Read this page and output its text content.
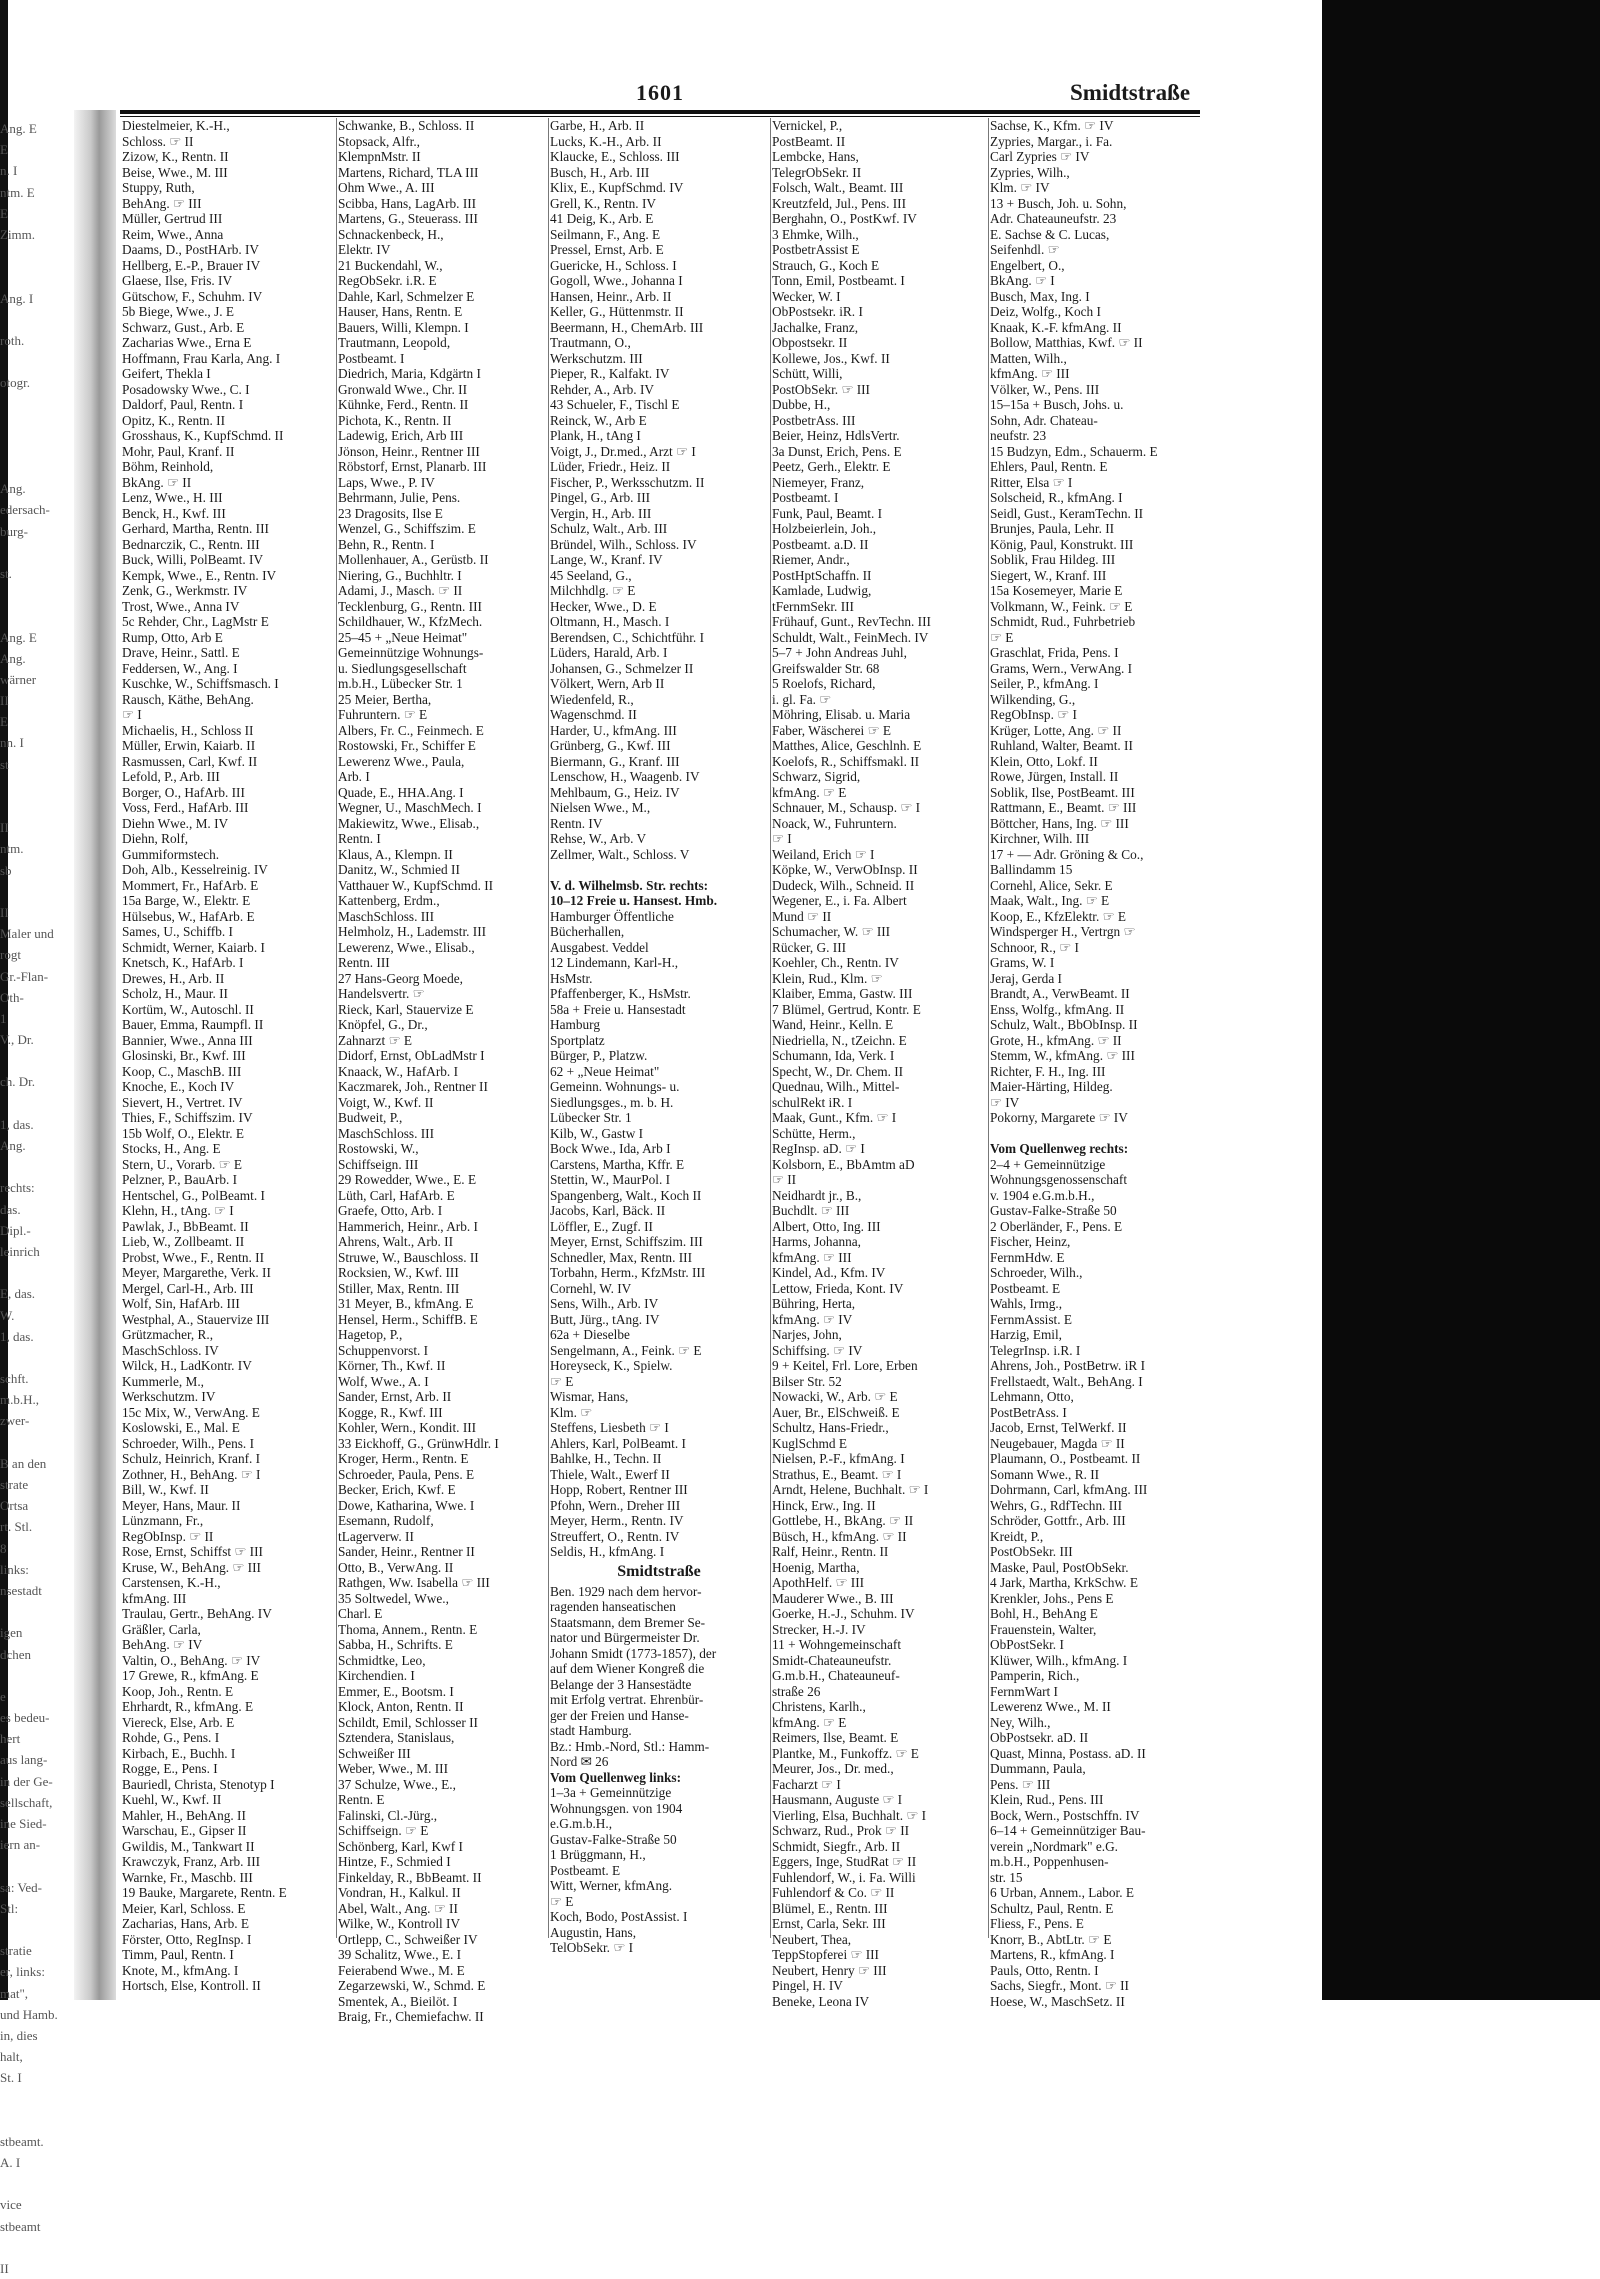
Ang. E
E
n. I
ntm. E
E
Zimm.
Ang. I
roth.
otogr.
Ang.
edersach-
burg-
st.
Ang. E
Ang.
wärner
II
E
nn. I
st
II
ntm.
sb
II
Maler und
rogt
Gr.-Flan-
Oth-
1
V., Dr.
ch. Dr.
1, das.
Ang.
rechts:
das.
Dipl.-
leinrich
E, das.
W.
1, das.
schft.
m.b.H.,
zwer-
B an den
strate
Ortsa
rt. Stl.
8
links:
nsestadt
igen
dchen
e
es bedeu-
hert
aus lang-
in der Ge-
sellschaft,
ine Sied-
iern an-
sa: Ved-
Stl:
stratie
er, links:
mat",
und Hamb.
in, dies
halt,
St. I
stbeamt.
A. I
vice
stbeamt
II
1601	Smidtstraße
Diestelmeier, K.-H.,
Schloss. ☞ II
Zizow, K., Rentn. II
Beise, Wwe., M. III
Stuppy, Ruth,
BehAng. ☞ III
Müller, Gertrud III
Reim, Wwe., Anna
Daams, D., PostHArb. IV
Hellberg, E.-P., Brauer IV
Glaese, Ilse, Fris. IV
Gütschow, F., Schuhm. IV
5b Biege, Wwe., J. E
Schwarz, Gust., Arb. E
Zacharias Wwe., Erna E
Hoffmann, Frau Karla, Ang. I
Geifert, Thekla I
Posadowsky Wwe., C. I
Daldorf, Paul, Rentn. I
Opitz, K., Rentn. II
Grosshaus, K., KupfSchmd. II
Mohr, Paul, Kranf. II
Böhm, Reinhold,
BkAng. ☞ II
Lenz, Wwe., H. III
Benck, H., Kwf. III
Gerhard, Martha, Rentn. III
Bednarczik, C., Rentn. III
Buck, Willi, PolBeamt. IV
Kempk, Wwe., E., Rentn. IV
Zenk, G., Werkmstr. IV
Trost, Wwe., Anna IV
5c Rehder, Chr., LagMstr E
Rump, Otto, Arb E
Drave, Heinr., Sattl. E
Feddersen, W., Ang. I
Kuschke, W., Schiffsmasch. I
Rausch, Käthe, BehAng.
☞ I
Michaelis, H., Schloss II
Müller, Erwin, Kaiarb. II
Rasmussen, Carl, Kwf. II
Lefold, P., Arb. III
Borger, O., HafArb. III
Voss, Ferd., HafArb. III
Diehn Wwe., M. IV
Diehn, Rolf,
Gummiformstech.
Doh, Alb., Kesselreinig. IV
Mommert, Fr., HafArb. E
15a Barge, W., Elektr. E
Hülsebus, W., HafArb. E
Sames, U., Schiffb. I
Schmidt, Werner, Kaiarb. I
Knetsch, K., HafArb. I
Drewes, H., Arb. II
Scholz, H., Maur. II
Kortüm, W., Autoschl. II
Bauer, Emma, Raumpfl. II
Bannier, Wwe., Anna III
Glosinski, Br., Kwf. III
Koop, C., MaschB. III
Knoche, E., Koch IV
Sievert, H., Vertret. IV
Thies, F., Schiffszim. IV
15b Wolf, O., Elektr. E
Stocks, H., Ang. E
Stern, U., Vorarb. ☞ E
Pelzner, P., BauArb. I
Hentschel, G., PolBeamt. I
Klehn, H., tAng. ☞ I
Pawlak, J., BbBeamt. II
Lieb, W., Zollbeamt. II
Probst, Wwe., F., Rentn. II
Meyer, Margarethe, Verk. II
Mergel, Carl-H., Arb. III
Wolf, Sin, HafArb. III
Westphal, A., Stauervize III
Grützmacher, R.,
MaschSchloss. IV
Wilck, H., LadKontr. IV
Kummerle, M.,
Werkschutzm. IV
15c Mix, W., VerwAng. E
Koslowski, E., Mal. E
Schroeder, Wilh., Pens. I
Schulz, Heinrich, Kranf. I
Zothner, H., BehAng. ☞ I
Bill, W., Kwf. II
Meyer, Hans, Maur. II
Lünzmann, Fr.,
RegObInsp. ☞ II
Rose, Ernst, Schiffst ☞ III
Kruse, W., BehAng. ☞ III
Carstensen, K.-H.,
kfmAng. III
Traulau, Gertr., BehAng. IV
Gräßler, Carla,
BehAng. ☞ IV
Valtin, O., BehAng. ☞ IV
17 Grewe, R., kfmAng. E
Koop, Joh., Rentn. E
Ehrhardt, R., kfmAng. E
Viereck, Else, Arb. E
Rohde, G., Pens. I
Kirbach, E., Buchh. I
Rogge, E., Pens. I
Bauriedl, Christa, Stenotyp I
Kuehl, W., Kwf. II
Mahler, H., BehAng. II
Warschau, E., Gipser II
Gwildis, M., Tankwart II
Krawczyk, Franz, Arb. III
Warnke, Fr., Maschb. III
19 Bauke, Margarete, Rentn. E
Meier, Karl, Schloss. E
Zacharias, Hans, Arb. E
Förster, Otto, RegInsp. I
Timm, Paul, Rentn. I
Knote, M., kfmAng. I
Hortsch, Else, Kontroll. II
Schwanke, B., Schloss. II
Stopsack, Alfr.,
KlempnMstr. II
Martens, Richard, TLA III
Ohm Wwe., A. III
Scibba, Hans, LagArb. III
Martens, G., Steuerass. III
Schnackenbeck, H.,
Elektr. IV
21 Buckendahl, W.,
RegObSekr. i.R. E
Dahle, Karl, Schmelzer E
Hauser, Hans, Rentn. E
Bauers, Willi, Klempn. I
Trautmann, Leopold,
Postbeamt. I
Diedrich, Maria, Kdgärtn I
Gronwald Wwe., Chr. II
Kühnke, Ferd., Rentn. II
Pichota, K., Rentn. II
Ladewig, Erich, Arb III
Jönson, Heinr., Rentner III
Röbstorf, Ernst, Planarb. III
Laps, Wwe., P. IV
Behrmann, Julie, Pens.
23 Dragosits, Ilse E
Wenzel, G., Schiffszim. E
Behn, R., Rentn. I
Mollenhauer, A., Gerüstb. II
Niering, G., Buchhltr. I
Adami, J., Masch. ☞ II
Tecklenburg, G., Rentn. III
Schildhauer, W., KfzMech.
25–45 + „Neue Heimat"
Gemeinnützige Wohnungs-
u. Siedlungsgesellschaft
m.b.H., Lübecker Str. 1
25 Meier, Bertha,
Fuhruntern. ☞ E
Albers, Fr. C., Feinmech. E
Rostowski, Fr., Schiffer E
Lewerenz Wwe., Paula,
Arb. I
Quade, E., HHA.Ang. I
Wegner, U., MaschMech. I
Makiewitz, Wwe., Elisab.,
Rentn. I
Klaus, A., Klempn. II
Danitz, W., Schmied II
Vatthauer W., KupfSchmd. II
Kattenberg, Erdm.,
MaschSchloss. III
Helmholz, H., Lademstr. III
Lewerenz, Wwe., Elisab.,
Rentn. III
27 Hans-Georg Moede,
Handelsvertr. ☞
Rieck, Karl, Stauervize E
Knöpfel, G., Dr.,
Zahnarzt ☞ E
Didorf, Ernst, ObLadMstr I
Knaack, W., HafArb. I
Kaczmarek, Joh., Rentner II
Voigt, W., Kwf. II
Budweit, P.,
MaschSchloss. III
Rostowski, W.,
Schiffseign. III
29 Rowedder, Wwe., E. E
Lüth, Carl, HafArb. E
Graefe, Otto, Arb. I
Hammerich, Heinr., Arb. I
Ahrens, Walt., Arb. II
Struwe, W., Bauschloss. II
Rocksien, W., Kwf. III
Stiller, Max, Rentn. III
31 Meyer, B., kfmAng. E
Hensel, Herm., SchiffB. E
Hagetop, P.,
Schuppenvorst. I
Körner, Th., Kwf. II
Wolf, Wwe., A. I
Sander, Ernst, Arb. II
Kogge, R., Kwf. III
Kohler, Wern., Kondit. III
33 Eickhoff, G., GrünwHdlr. I
Kroger, Herm., Rentn. E
Schroeder, Paula, Pens. E
Becker, Erich, Kwf. E
Dowe, Katharina, Wwe. I
Esemann, Rudolf,
tLagerverw. II
Sander, Heinr., Rentner II
Otto, B., VerwAng. II
Rathgen, Ww. Isabella ☞ III
35 Soltwedel, Wwe.,
Charl. E
Thoma, Annem., Rentn. E
Sabba, H., Schrifts. E
Schmidtke, Leo,
Kirchendien. I
Emmer, E., Bootsm. I
Klock, Anton, Rentn. II
Schildt, Emil, Schlosser II
Sztendera, Stanislaus,
Schweißer III
Weber, Wwe., M. III
37 Schulze, Wwe., E.,
Rentn. E
Falinski, Cl.-Jürg.,
Schiffseign. ☞ E
Schönberg, Karl, Kwf I
Hintze, F., Schmied I
Finkelday, R., BbBeamt. II
Vondran, H., Kalkul. II
Abel, Walt., Ang. ☞ II
Wilke, W., Kontroll IV
Ortlepp, C., Schweißer IV
39 Schalitz, Wwe., E. I
Feierabend Wwe., M. E
Zegarzewski, W., Schmd. E
Smentek, A., Bieilöt. I
Braig, Fr., Chemiefachw. II
Garbe, H., Arb. II
Lucks, K.-H., Arb. II
Klaucke, E., Schloss. III
Busch, H., Arb. III
Klix, E., KupfSchmd. IV
Grell, K., Rentn. IV
41 Deig, K., Arb. E
Seilmann, F., Ang. E
Pressel, Ernst, Arb. E
Guericke, H., Schloss. I
Gogoll, Wwe., Johanna I
Hansen, Heinr., Arb. II
Keller, G., Hüttenmstr. II
Beermann, H., ChemArb. III
Trautmann, O.,
Werkschutzm. III
Pieper, R., Kalfakt. IV
Rehder, A., Arb. IV
43 Schueler, F., Tischl E
Reinck, W., Arb E
Plank, H., tAng I
Voigt, J., Dr.med., Arzt ☞ I
Lüder, Friedr., Heiz. II
Fischer, P., Werksschutzm. II
Pingel, G., Arb. III
Vergin, H., Arb. III
Schulz, Walt., Arb. III
Bründel, Wilh., Schloss. IV
Lange, W., Kranf. IV
45 Seeland, G.,
Milchhdlg. ☞ E
Hecker, Wwe., D. E
Oltmann, H., Masch. I
Berendsen, C., Schichtführ. I
Lüders, Harald, Arb. I
Johansen, G., Schmelzer II
Völkert, Wern, Arb II
Wiedenfeld, R.,
Wagenschmd. II
Harder, U., kfmAng. III
Grünberg, G., Kwf. III
Biermann, G., Kranf. III
Lenschow, H., Waagenb. IV
Mehlbaum, G., Heiz. IV
Nielsen Wwe., M.,
Rentn. IV
Rehse, W., Arb. V
Zellmer, Walt., Schloss. V
V. d. Wilhelmsb. Str. rechts:
10–12 Freie u. Hansest. Hmb.
Hamburger Öffentliche
Bücherhallen,
Ausgabest. Veddel
12 Lindemann, Karl-H.,
HsMstr.
Pfaffenberger, K., HsMstr.
58a + Freie u. Hansestadt
Hamburg
Sportplatz
Bürger, P., Platzw.
62 + „Neue Heimat"
Gemeinn. Wohnungs- u.
Siedlungsges., m. b. H.
Lübecker Str. 1
Kilb, W., Gastw I
Bock Wwe., Ida, Arb I
Carstens, Martha, Kffr. E
Stettin, W., MaurPol. I
Spangenberg, Walt., Koch II
Jacobs, Karl, Bäck. II
Löffler, E., Zugf. II
Meyer, Ernst, Schiffszim. III
Schnedler, Max, Rentn. III
Torbahn, Herm., KfzMstr. III
Cornehl, W. IV
Sens, Wilh., Arb. IV
Butt, Jürg., tAng. IV
62a + Dieselbe
Sengelmann, A., Feink. ☞ E
Horeyseck, K., Spielw.
☞ E
Wismar, Hans,
Klm. ☞
Steffens, Liesbeth ☞ I
Ahlers, Karl, PolBeamt. I
Bahlke, H., Techn. II
Thiele, Walt., Ewerf II
Hopp, Robert, Rentner III
Pfohn, Wern., Dreher III
Meyer, Herm., Rentn. IV
Streuffert, O., Rentn. IV
Seldis, H., kfmAng. I
Smidtstraße
Ben. 1929 nach dem hervor-
ragenden hanseatischen
Staatsmann, dem Bremer Se-
nator und Bürgermeister Dr.
Johann Smidt (1773-1857), der
auf dem Wiener Kongreß die
Belange der 3 Hansestädte
mit Erfolg vertrat. Ehrenbür-
ger der Freien und Hanse-
stadt Hamburg.
Bz.: Hmb.-Nord, Stl.: Hamm-
Nord ✉ 26
Vom Quellenweg links:
1–3a + Gemeinnützige
Wohnungsgen. von 1904
e.G.m.b.H.,
Gustav-Falke-Straße 50
1 Brüggmann, H.,
Postbeamt. E
Witt, Werner, kfmAng.
☞ E
Koch, Bodo, PostAssist. I
Augustin, Hans,
TelObSekr. ☞ I
Vernickel, P.,
PostBeamt. II
Lembcke, Hans,
TelegrObSekr. II
Folsch, Walt., Beamt. III
Kreutzfeld, Jul., Pens. III
Berghahn, O., PostKwf. IV
3 Ehmke, Wilh.,
PostbetrAssist E
Strauch, G., Koch E
Tonn, Emil, Postbeamt. I
Wecker, W. I
ObPostsekr. iR. I
Jachalke, Franz,
Obpostsekr. II
Kollewe, Jos., Kwf. II
Schütt, Willi,
PostObSekr. ☞ III
Dubbe, H.,
PostbetrAss. III
Beier, Heinz, HdlsVertr.
3a Dunst, Erich, Pens. E
Peetz, Gerh., Elektr. E
Niemeyer, Franz,
Postbeamt. I
Funk, Paul, Beamt. I
Holzbeierlein, Joh.,
Postbeamt. a.D. II
Riemer, Andr.,
PostHptSchaffn. II
Kamlade, Ludwig,
tFernmSekr. III
Frühauf, Gunt., RevTechn. III
Schuldt, Walt., FeinMech. IV
5–7 + John Andreas Juhl,
Greifswalder Str. 68
5 Roelofs, Richard,
i. gl. Fa. ☞
Möhring, Elisab. u. Maria
Faber, Wäscherei ☞ E
Matthes, Alice, Geschlnh. E
Koelofs, R., Schiffsmakl. II
Schwarz, Sigrid,
kfmAng. ☞ E
Schnauer, M., Schausp. ☞ I
Noack, W., Fuhruntern.
☞ I
Weiland, Erich ☞ I
Köpke, W., VerwObInsp. II
Dudeck, Wilh., Schneid. II
Wegener, E., i. Fa. Albert
Mund ☞ II
Schumacher, W. ☞ III
Rücker, G. III
Koehler, Ch., Rentn. IV
Klein, Rud., Klm. ☞
Klaiber, Emma, Gastw. III
7 Blümel, Gertrud, Kontr. E
Wand, Heinr., Kelln. E
Niedriella, N., tZeichn. E
Schumann, Ida, Verk. I
Specht, W., Dr. Chem. II
Quednau, Wilh., Mittel-
schulRekt iR. I
Maak, Gunt., Kfm. ☞ I
Schütte, Herm.,
RegInsp. aD. ☞ I
Kolsborn, E., BbAmtm aD
☞ II
Neidhardt jr., B.,
Buchdlt. ☞ III
Albert, Otto, Ing. III
Harms, Johanna,
kfmAng. ☞ III
Kindel, Ad., Kfm. IV
Lettow, Frieda, Kont. IV
Bühring, Herta,
kfmAng. ☞ IV
Narjes, John,
Schiffsing. ☞ IV
9 + Keitel, Frl. Lore, Erben
Bilser Str. 52
Nowacki, W., Arb. ☞ E
Auer, Br., ElSchweiß. E
Schultz, Hans-Friedr.,
KuglSchmd E
Nielsen, P.-F., kfmAng. I
Strathus, E., Beamt. ☞ I
Arndt, Helene, Buchhalt. ☞ I
Hinck, Erw., Ing. II
Gottlebe, H., BkAng. ☞ II
Büsch, H., kfmAng. ☞ II
Ralf, Heinr., Rentn. II
Hoenig, Martha,
ApothHelf. ☞ III
Mauderer Wwe., B. III
Goerke, H.-J., Schuhm. IV
Strecker, H.-J. IV
11 + Wohngemeinschaft
Smidt-Chateauneufstr.
G.m.b.H., Chateauneuf-
straße 26
Christens, Karlh.,
kfmAng. ☞ E
Reimers, Ilse, Beamt. E
Plantke, M., Funkoffz. ☞ E
Meurer, Jos., Dr. med.,
Facharzt ☞ I
Hausmann, Auguste ☞ I
Vierling, Elsa, Buchhalt. ☞ I
Schwarz, Rud., Prok ☞ II
Schmidt, Siegfr., Arb. II
Eggers, Inge, StudRat ☞ II
Fuhlendorf, W., i. Fa. Willi
Fuhlendorf & Co. ☞ II
Blümel, E., Rentn. III
Ernst, Carla, Sekr. III
Neubert, Thea,
TeppStopferei ☞ III
Neubert, Henry ☞ III
Pingel, H. IV
Beneke, Leona IV
Sachse, K., Kfm. ☞ IV
Zypries, Margar., i. Fa.
Carl Zypries ☞ IV
Zypries, Wilh.,
Klm. ☞ IV
13 + Busch, Joh. u. Sohn,
Adr. Chateauneufstr. 23
E. Sachse & C. Lucas,
Seifenhdl. ☞
Engelbert, O.,
BkAng. ☞ I
Busch, Max, Ing. I
Deiz, Wolfg., Koch I
Knaak, K.-F. kfmAng. II
Bollow, Matthias, Kwf. ☞ II
Matten, Wilh.,
kfmAng. ☞ III
Völker, W., Pens. III
15–15a + Busch, Johs. u.
Sohn, Adr. Chateau-
neufstr. 23
15 Budzyn, Edm., Schauerm. E
Ehlers, Paul, Rentn. E
Ritter, Elsa ☞ I
Solscheid, R., kfmAng. I
Seidl, Gust., KeramTechn. II
Brunjes, Paula, Lehr. II
König, Paul, Konstrukt. III
Soblik, Frau Hildeg. III
Siegert, W., Kranf. III
15a Kosemeyer, Marie E
Volkmann, W., Feink. ☞ E
Schmidt, Rud., Fuhrbetrieb
☞ E
Graschlat, Frida, Pens. I
Grams, Wern., VerwAng. I
Seiler, P., kfmAng. I
Wilkending, G.,
RegObInsp. ☞ I
Krüger, Lotte, Ang. ☞ II
Ruhland, Walter, Beamt. II
Klein, Otto, Lokf. II
Rowe, Jürgen, Install. II
Soblik, Ilse, PostBeamt. III
Rattmann, E., Beamt. ☞ III
Böttcher, Hans, Ing. ☞ III
Kirchner, Wilh. III
17 + — Adr. Gröning & Co.,
Ballindamm 15
Cornehl, Alice, Sekr. E
Maak, Walt., Ing. ☞ E
Koop, E., KfzElektr. ☞ E
Windsperger H., Vertrgn ☞
Schnoor, R., ☞ I
Grams, W. I
Jeraj, Gerda I
Brandt, A., VerwBeamt. II
Enss, Wolfg., kfmAng. II
Schulz, Walt., BbObInsp. II
Grote, H., kfmAng. ☞ II
Stemm, W., kfmAng. ☞ III
Richter, F. H., Ing. III
Maier-Härting, Hildeg.
☞ IV
Pokorny, Margarete ☞ IV
Vom Quellenweg rechts:
2–4 + Gemeinnützige
Wohnungsgenossenschaft
v. 1904 e.G.m.b.H.,
Gustav-Falke-Straße 50
2 Oberländer, F., Pens. E
Fischer, Heinz,
FernmHdw. E
Schroeder, Wilh.,
Postbeamt. E
Wahls, Irmg.,
FernmAssist. E
Harzig, Emil,
TelegrInsp. i.R. I
Ahrens, Joh., PostBetrw. iR I
Frellstaedt, Walt., BehAng. I
Lehmann, Otto,
PostBetrAss. I
Jacob, Ernst, TelWerkf. II
Neugebauer, Magda ☞ II
Plaumann, O., Postbeamt. II
Somann Wwe., R. II
Dohrmann, Carl, kfmAng. III
Wehrs, G., RdfTechn. III
Schröder, Gottfr., Arb. III
Kreidt, P.,
PostObSekr. III
Maske, Paul, PostObSekr.
4 Jark, Martha, KrkSchw. E
Krenkler, Johs., Pens E
Bohl, H., BehAng E
Frauenstein, Walter,
ObPostSekr. I
Klüwer, Wilh., kfmAng. I
Pamperin, Rich.,
FernmWart I
Lewerenz Wwe., M. II
Ney, Wilh.,
ObPostsekr. aD. II
Quast, Minna, Postass. aD. II
Dummann, Paula,
Pens. ☞ III
Klein, Rud., Pens. III
Bock, Wern., Postschffn. IV
6–14 + Gemeinnütziger Bau-
verein „Nordmark" e.G.
m.b.H., Poppenhusen-
str. 15
6 Urban, Annem., Labor. E
Schultz, Paul, Rentn. E
Fliess, F., Pens. E
Knorr, B., AbtLtr. ☞ E
Martens, R., kfmAng. I
Pauls, Otto, Rentn. I
Sachs, Siegfr., Mont. ☞ II
Hoese, W., MaschSetz. II
